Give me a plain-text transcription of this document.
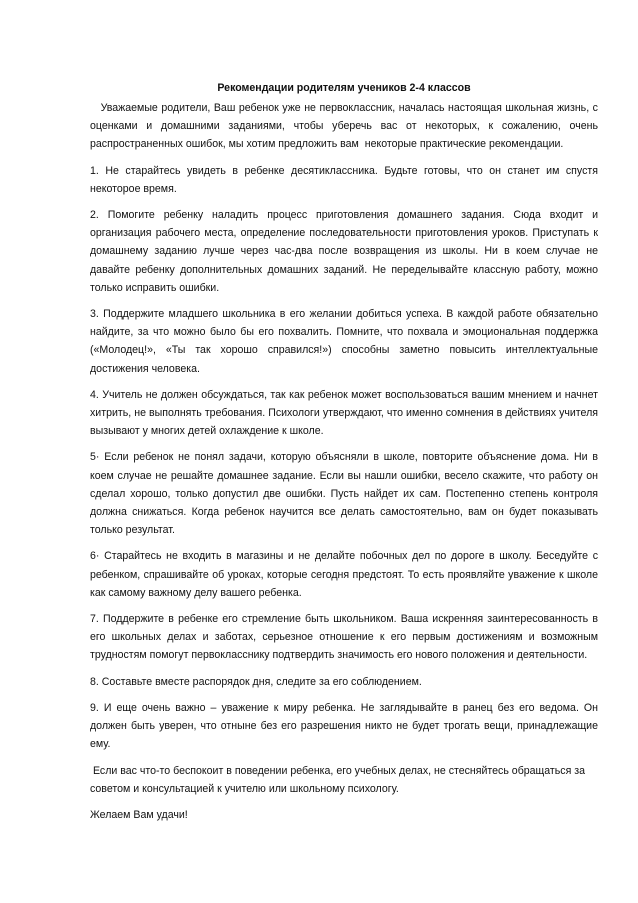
Рекомендации родителям учеников 2-4 классов
Уважаемые родители, Ваш ребенок уже не первоклассник, началась настоящая школьная жизнь, с оценками и домашними заданиями, чтобы уберечь вас от некоторых, к сожалению, очень распространенных ошибок, мы хотим предложить вам  некоторые практические рекомендации.
1. Не старайтесь увидеть в ребенке десятиклассника. Будьте готовы, что он станет им спустя некоторое время.
2. Помогите ребенку наладить процесс приготовления домашнего задания. Сюда входит и организация рабочего места, определение последовательности приготовления уроков. Приступать к домашнему заданию лучше через час-два после возвращения из школы. Ни в коем случае не давайте ребенку дополнительных домашних заданий. Не переделывайте классную работу, можно только исправить ошибки.
3. Поддержите младшего школьника в его желании добиться успеха. В каждой работе обязательно найдите, за что можно было бы его похвалить. Помните, что похвала и эмоциональная поддержка («Молодец!», «Ты так хорошо справился!») способны заметно повысить интеллектуальные достижения человека.
4. Учитель не должен обсуждаться, так как ребенок может воспользоваться вашим мнением и начнет хитрить, не выполнять требования. Психологи утверждают, что именно сомнения в действиях учителя вызывают у многих детей охлаждение к школе.
5· Если ребенок не понял задачи, которую объясняли в школе, повторите объяснение дома. Ни в коем случае не решайте домашнее задание. Если вы нашли ошибки, весело скажите, что работу он сделал хорошо, только допустил две ошибки. Пусть найдет их сам. Постепенно степень контроля должна снижаться. Когда ребенок научится все делать самостоятельно, вам он будет показывать только результат.
6· Старайтесь не входить в магазины и не делайте побочных дел по дороге в школу. Беседуйте с ребенком, спрашивайте об уроках, которые сегодня предстоят. То есть проявляйте уважение к школе как самому важному делу вашего ребенка.
7. Поддержите в ребенке его стремление быть школьником. Ваша искренняя заинтересованность в его школьных делах и заботах, серьезное отношение к его первым достижениям и возможным трудностям помогут первокласснику подтвердить значимость его нового положения и деятельности.
8. Составьте вместе распорядок дня, следите за его соблюдением.
9. И еще очень важно – уважение к миру ребенка. Не заглядывайте в ранец без его ведома. Он должен быть уверен, что отныне без его разрешения никто не будет трогать вещи, принадлежащие ему.
Если вас что-то беспокоит в поведении ребенка, его учебных делах, не стесняйтесь обращаться за советом и консультацией к учителю или школьному психологу.
Желаем Вам удачи!
